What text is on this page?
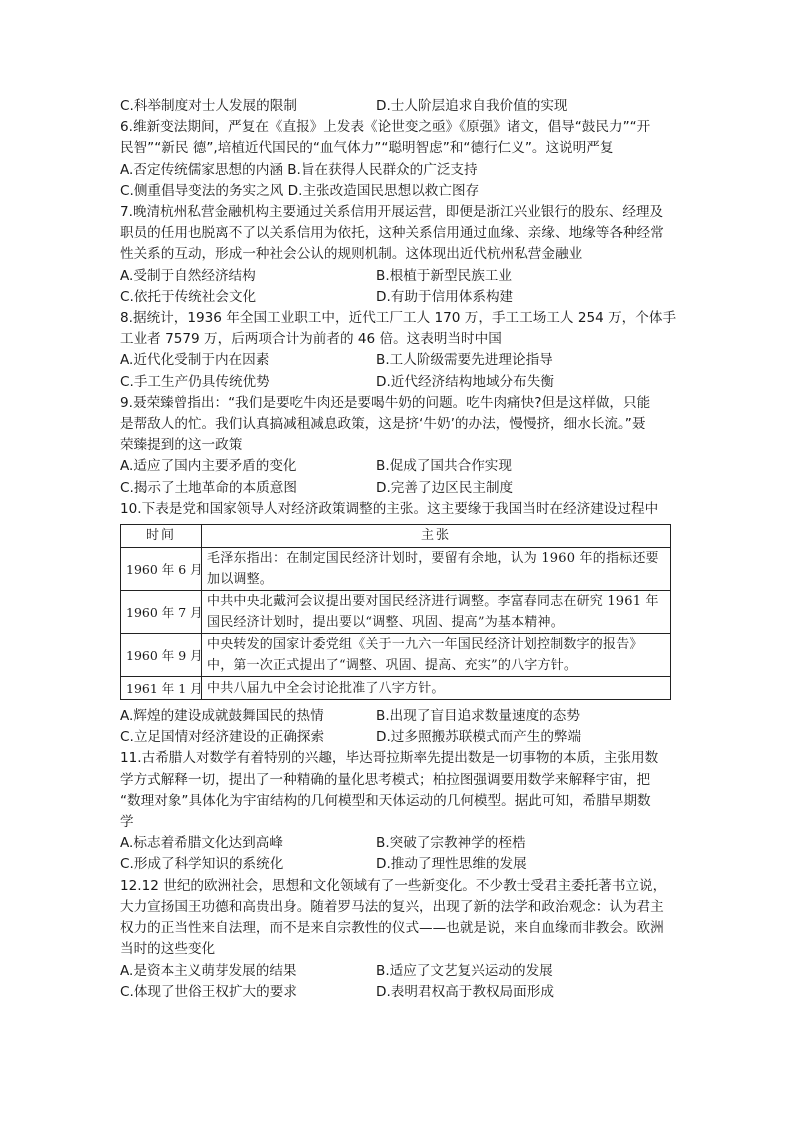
C.科举制度对士人发展的限制	D.士人阶层追求自我价值的实现
6.维新变法期间，严复在《直报》上发表《论世变之亟》《原强》诸文，倡导“鼓民力”“开
民智”“新民 德”,培植近代国民的“血气体力”“聪明智虑”和“德行仁义”。这说明严复
A.否定传统儒家思想的内涵 B.旨在获得人民群众的广泛支持
C.侧重倡导变法的务实之风 D.主张改造国民思想以救亡图存
7.晚清杭州私营金融机构主要通过关系信用开展运营，即便是浙江兴业银行的股东、经理及
职员的任用也脱离不了以关系信用为依托，这种关系信用通过血缘、亲缘、地缘等各种经常
性关系的互动，形成一种社会公认的规则机制。这体现出近代杭州私营金融业
A.受制于自然经济结构	B.根植于新型民族工业
C.依托于传统社会文化	D.有助于信用体系构建
8.据统计，1936 年全国工业职工中，近代工厂工人 170 万，手工工场工人 254 万，个体手
工业者 7579 万，后两项合计为前者的 46 倍。这表明当时中国
A.近代化受制于内在因素	B.工人阶级需要先进理论指导
C.手工生产仍具传统优势	D.近代经济结构地域分布失衡
9.聂荣臻曾指出：“我们是要吃牛肉还是要喝牛奶的问题。吃牛肉痛快?但是这样做，只能
是帮敌人的忙。我们认真搞减租减息政策，这是挤‘牛奶’的办法，慢慢挤，细水长流。”聂
荣臻提到的这一政策
A.适应了国内主要矛盾的变化	B.促成了国共合作实现
C.揭示了土地革命的本质意图	D.完善了边区民主制度
10.下表是党和国家领导人对经济政策调整的主张。这主要缘于我国当时在经济建设过程中
时间	主张
1960 年 6 月	毛泽东指出：在制定国民经济计划时，要留有余地，认为 1960 年的指标还要加以调整。
1960 年 7 月	中共中央北戴河会议提出要对国民经济进行调整。李富春同志在研究 1961 年国民经济计划时，提出要以“调整、巩固、提高”为基本精神。
1960 年 9 月	中央转发的国家计委党组《关于一九六一年国民经济计划控制数字的报告》中，第一次正式提出了“调整、巩固、提高、充实”的八字方针。
1961 年 1 月	中共八届九中全会讨论批准了八字方针。
A.辉煌的建设成就鼓舞国民的热情	B.出现了盲目追求数量速度的态势
C.立足国情对经济建设的正确探索	D.过多照搬苏联模式而产生的弊端
11.古希腊人对数学有着特别的兴趣，毕达哥拉斯率先提出数是一切事物的本质，主张用数
学方式解释一切，提出了一种精确的量化思考模式；柏拉图强调要用数学来解释宇宙，把
“数理对象”具体化为宇宙结构的几何模型和天体运动的几何模型。据此可知，希腊早期数
学
A.标志着希腊文化达到高峰	B.突破了宗教神学的桎梏
C.形成了科学知识的系统化	D.推动了理性思维的发展
12.12 世纪的欧洲社会，思想和文化领域有了一些新变化。不少教士受君主委托著书立说，
大力宣扬国王功德和高贵出身。随着罗马法的复兴，出现了新的法学和政治观念：认为君主
权力的正当性来自法理，而不是来自宗教性的仪式——也就是说，来自血缘而非教会。欧洲
当时的这些变化
A.是资本主义萌芽发展的结果	B.适应了文艺复兴运动的发展
C.体现了世俗王权扩大的要求	D.表明君权高于教权局面形成
